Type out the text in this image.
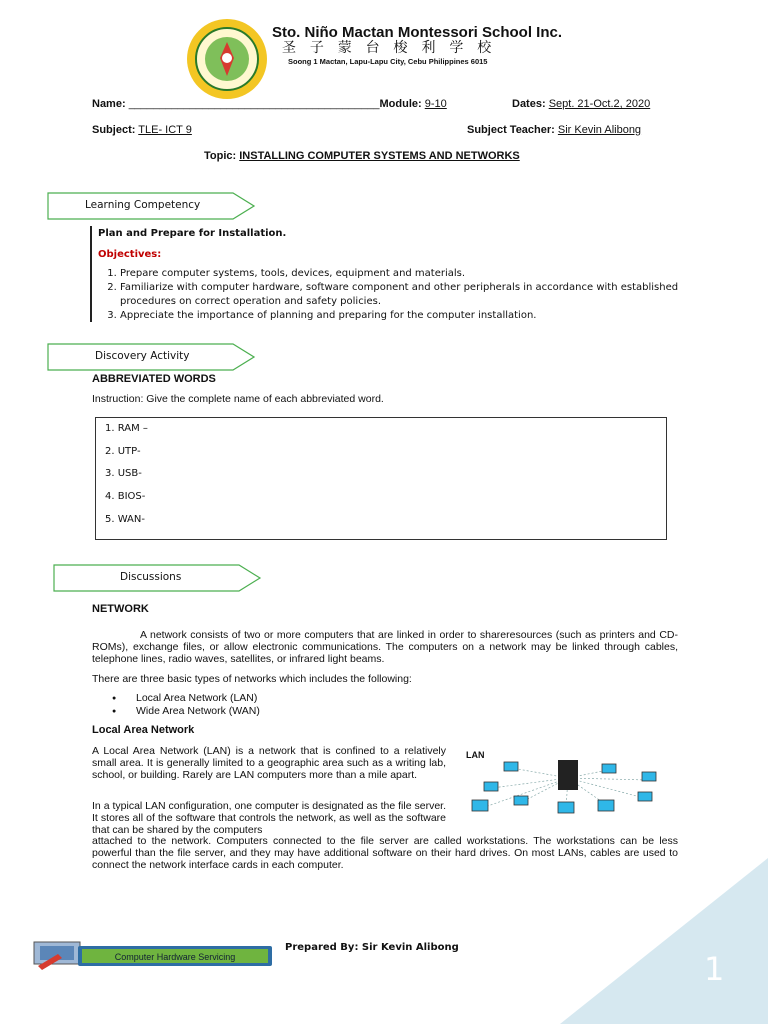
Sto. Niño Mactan Montessori School Inc.
圣 子 蒙 台 梭 利 学 校
Soong 1 Mactan, Lapu-Lapu City, Cebu Philippines 6015
Name: _________________________________________Module: 9-10	Dates: Sept. 21-Oct.2, 2020
Subject: TLE- ICT 9	Subject Teacher: Sir Kevin Alibong
Topic: INSTALLING COMPUTER SYSTEMS AND NETWORKS
Learning Competency
Plan and Prepare for Installation.
Objectives:
1. Prepare computer systems, tools, devices, equipment and materials.
2. Familiarize with computer hardware, software component and other peripherals in accordance with established procedures on correct operation and safety policies.
3. Appreciate the importance of planning and preparing for the computer installation.
Discovery Activity
ABBREVIATED WORDS
Instruction: Give the complete name of each abbreviated word.
1. RAM –
2. UTP-
3. USB-
4. BIOS-
5. WAN-
Discussions
NETWORK
A network consists of two or more computers that are linked in order to shareresources (such as printers and CD-ROMs), exchange files, or allow electronic communications. The computers on a network may be linked through cables, telephone lines, radio waves, satellites, or infrared light beams.
There are three basic types of networks which includes the following:
● Local Area Network (LAN)
● Wide Area Network (WAN)
Local Area Network
A Local Area Network (LAN) is a network that is confined to a relatively small area. It is generally limited to a geographic area such as a writing lab, school, or building. Rarely are LAN computers more than a mile apart.
In a typical LAN configuration, one computer is designated as the file server. It stores all of the software that controls the network, as well as the software that can be shared by the computers
attached to the network. Computers connected to the file server are called workstations. The workstations can be less powerful than the file server, and they may have additional software on their hard drives. On most LANs, cables are used to connect the network interface cards in each computer.
LAN
Computer Hardware Servicing
Prepared By: Sir Kevin Alibong
1
